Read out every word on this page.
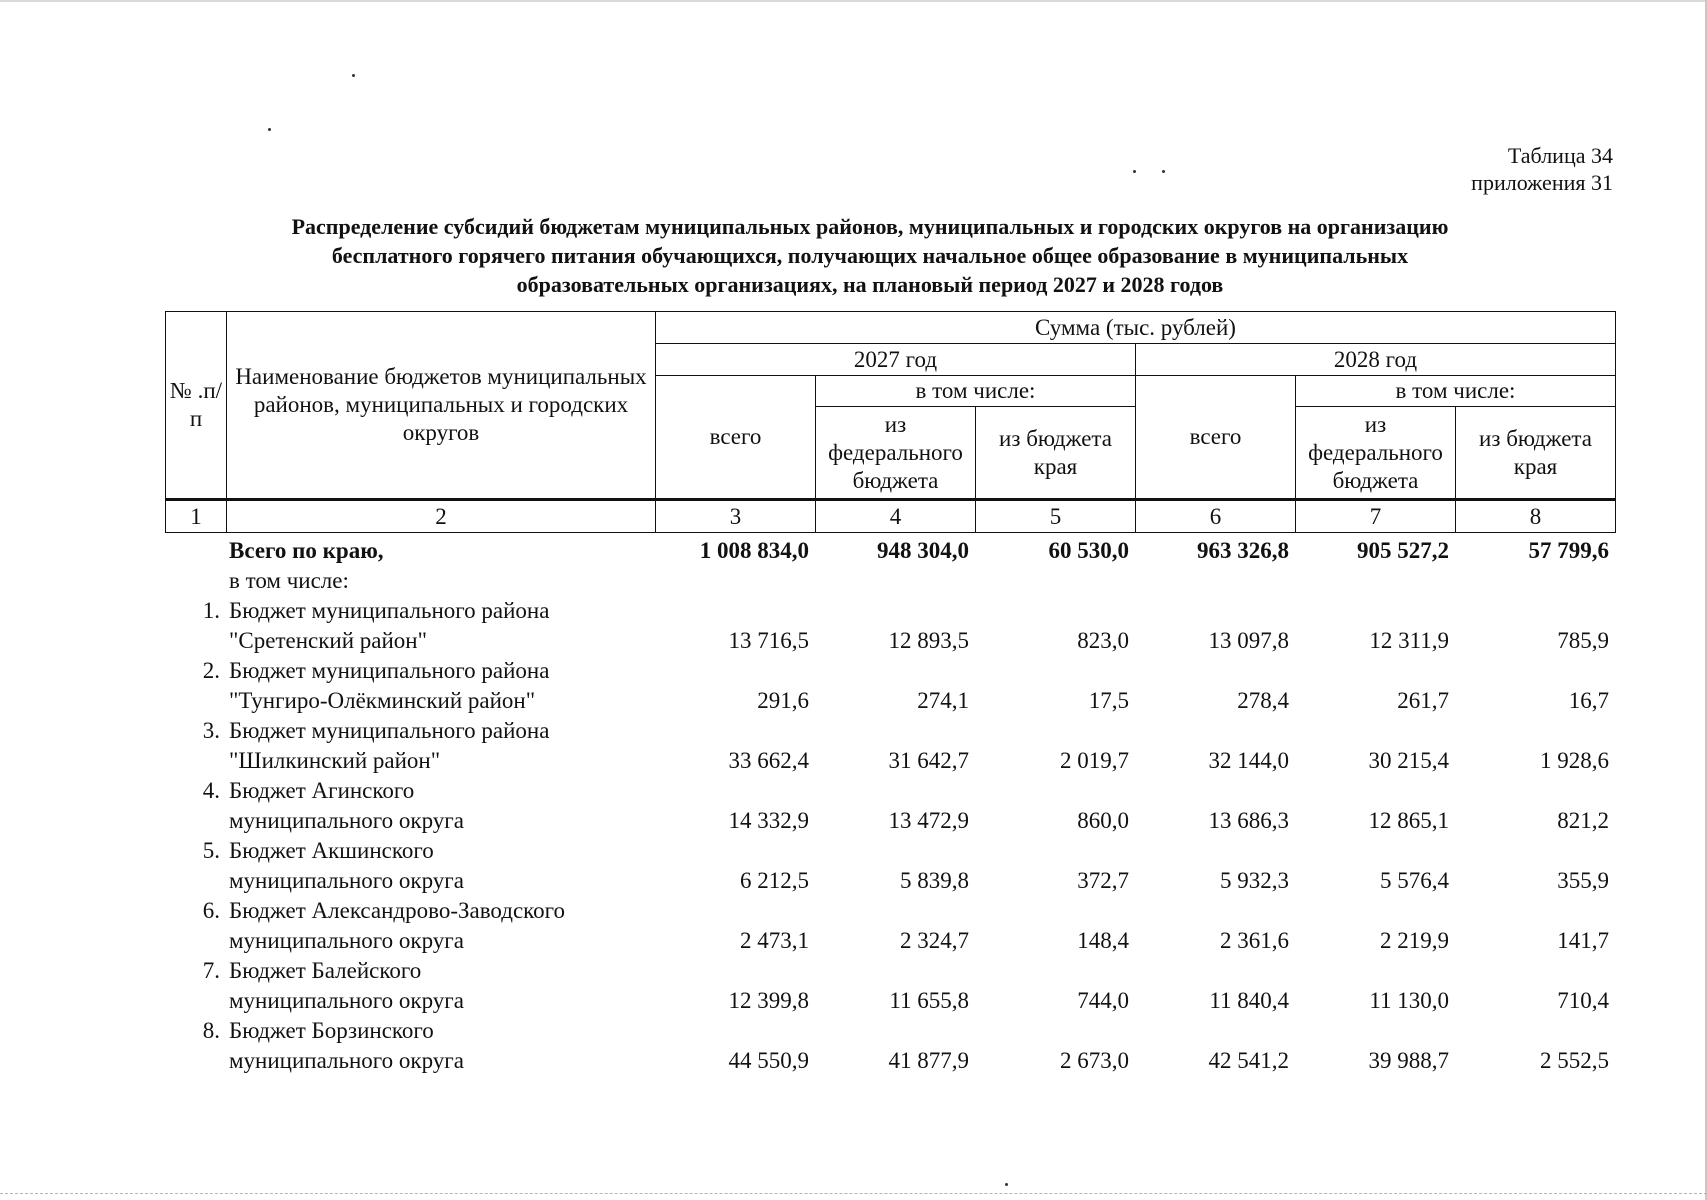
Таблица 34
приложения 31
Распределение субсидий бюджетам муниципальных районов, муниципальных и городских округов на организацию
бесплатного горячего питания обучающихся, получающих начальное общее образование в муниципальных
образовательных организациях, на плановый период 2027 и 2028 годов
№ .п/п	Наименование бюджетов муниципальных районов, муниципальных и городских округов	Сумма (тыс. рублей)					
		2027 год			2028 год		
		всего	в том числе:		всего	в том числе:	
			из федерального бюджета	из бюджета края		из федерального бюджета	из бюджета края
1	2	3	4	5	6	7	8
Всего по краю,	1 008 834,0	948 304,0	60 530,0	963 326,8	905 527,2	57 799,6
в том числе:
1. Бюджет муниципального района
"Сретенский район"	13 716,5	12 893,5	823,0	13 097,8	12 311,9	785,9
2. Бюджет муниципального района
"Тунгиро-Олёкминский район"	291,6	274,1	17,5	278,4	261,7	16,7
3. Бюджет муниципального района
"Шилкинский район"	33 662,4	31 642,7	2 019,7	32 144,0	30 215,4	1 928,6
4. Бюджет Агинского
муниципального округа	14 332,9	13 472,9	860,0	13 686,3	12 865,1	821,2
5. Бюджет Акшинского
муниципального округа	6 212,5	5 839,8	372,7	5 932,3	5 576,4	355,9
6. Бюджет Александрово-Заводского
муниципального округа	2 473,1	2 324,7	148,4	2 361,6	2 219,9	141,7
7. Бюджет Балейского
муниципального округа	12 399,8	11 655,8	744,0	11 840,4	11 130,0	710,4
8. Бюджет Борзинского
муниципального округа	44 550,9	41 877,9	2 673,0	42 541,2	39 988,7	2 552,5
